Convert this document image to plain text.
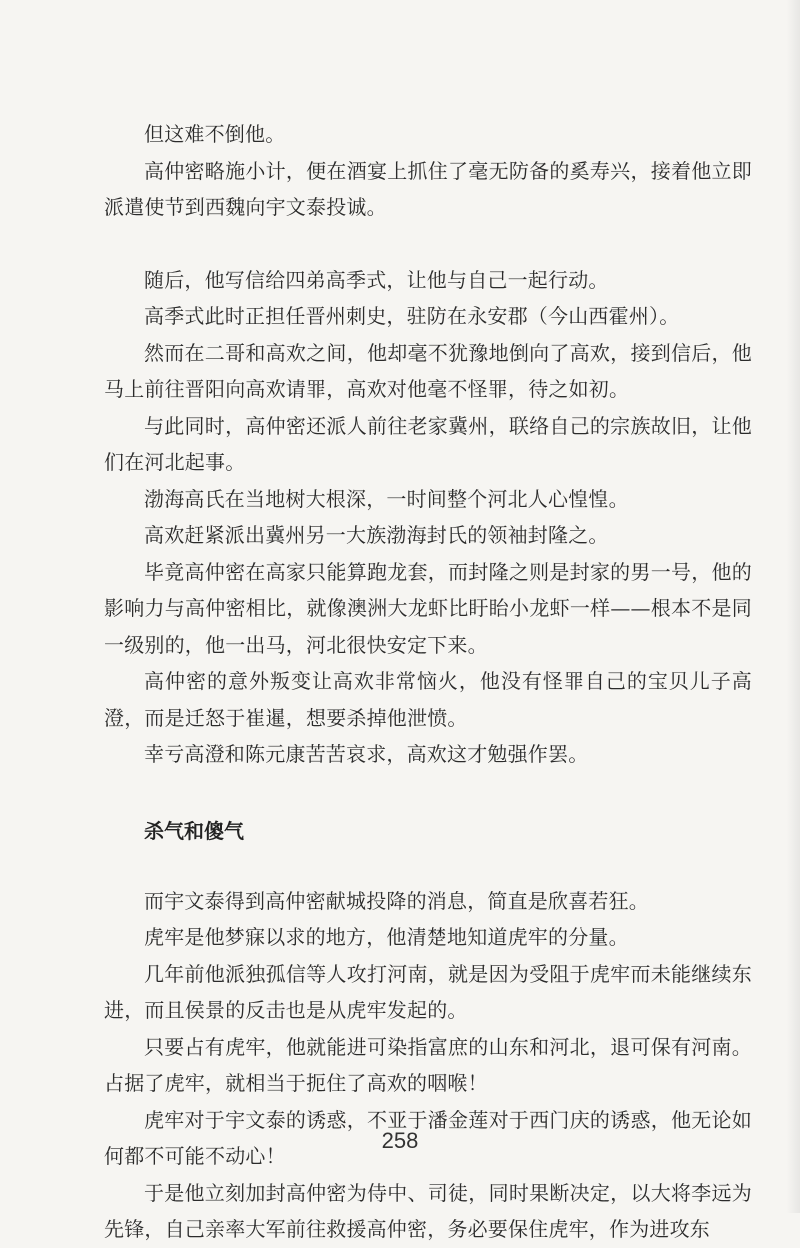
但这难不倒他。

高仲密略施小计，便在酒宴上抓住了毫无防备的奚寿兴，接着他立即派遣使节到西魏向宇文泰投诚。

随后，他写信给四弟高季式，让他与自己一起行动。

高季式此时正担任晋州刺史，驻防在永安郡（今山西霍州）。

然而在二哥和高欢之间，他却毫不犹豫地倒向了高欢，接到信后，他马上前往晋阳向高欢请罪，高欢对他毫不怪罪，待之如初。

与此同时，高仲密还派人前往老家冀州，联络自己的宗族故旧，让他们在河北起事。

渤海高氏在当地树大根深，一时间整个河北人心惶惶。

高欢赶紧派出冀州另一大族渤海封氏的领袖封隆之。

毕竟高仲密在高家只能算跑龙套，而封隆之则是封家的男一号，他的影响力与高仲密相比，就像澳洲大龙虾比盱眙小龙虾一样——根本不是同一级别的，他一出马，河北很快安定下来。

高仲密的意外叛变让高欢非常恼火，他没有怪罪自己的宝贝儿子高澄，而是迁怒于崔暹，想要杀掉他泄愤。

幸亏高澄和陈元康苦苦哀求，高欢这才勉强作罢。

杀气和傻气

而宇文泰得到高仲密献城投降的消息，简直是欣喜若狂。

虎牢是他梦寐以求的地方，他清楚地知道虎牢的分量。

几年前他派独孤信等人攻打河南，就是因为受阻于虎牢而未能继续东进，而且侯景的反击也是从虎牢发起的。

只要占有虎牢，他就能进可染指富庶的山东和河北，退可保有河南。占据了虎牢，就相当于扼住了高欢的咽喉！

虎牢对于宇文泰的诱惑，不亚于潘金莲对于西门庆的诱惑，他无论如何都不可能不动心！

于是他立刻加封高仲密为侍中、司徒，同时果断决定，以大将李远为先锋，自己亲率大军前往救援高仲密，务必要保住虎牢，作为进攻东

258
